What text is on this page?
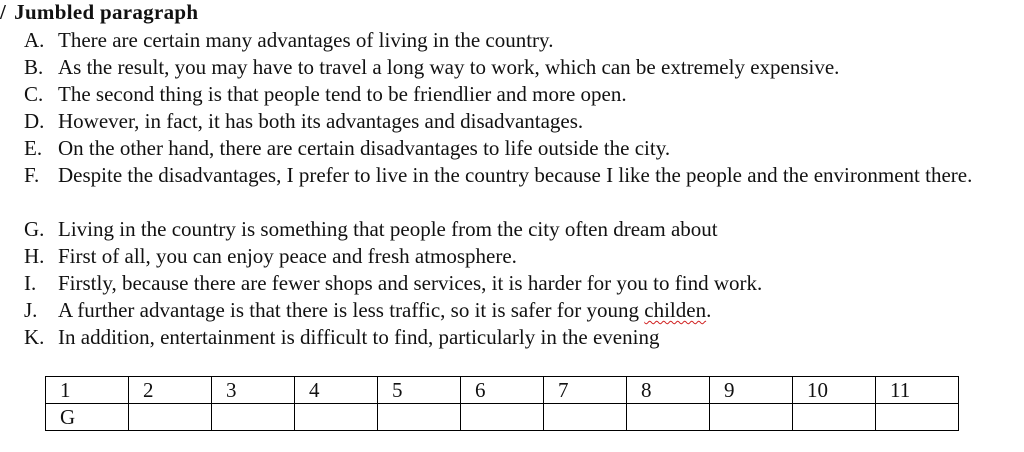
/ Jumbled paragraph
A. There are certain many advantages of living in the country.
B. As the result, you may have to travel a long way to work, which can be extremely expensive.
C. The second thing is that people tend to be friendlier and more open.
D. However, in fact, it has both its advantages and disadvantages.
E. On the other hand, there are certain disadvantages to life outside the city.
F. Despite the disadvantages, I prefer to live in the country because I like the people and the environment there.
G. Living in the country is something that people from the city often dream about
H. First of all, you can enjoy peace and fresh atmosphere.
I.	Firstly, because there are fewer shops and services, it is harder for you to find work.
J. A further advantage is that there is less traffic, so it is safer for young childen.
K. In addition, entertainment is difficult to find, particularly in the evening
1	2	3	4	5	6	7	8	9	10	11
G										
